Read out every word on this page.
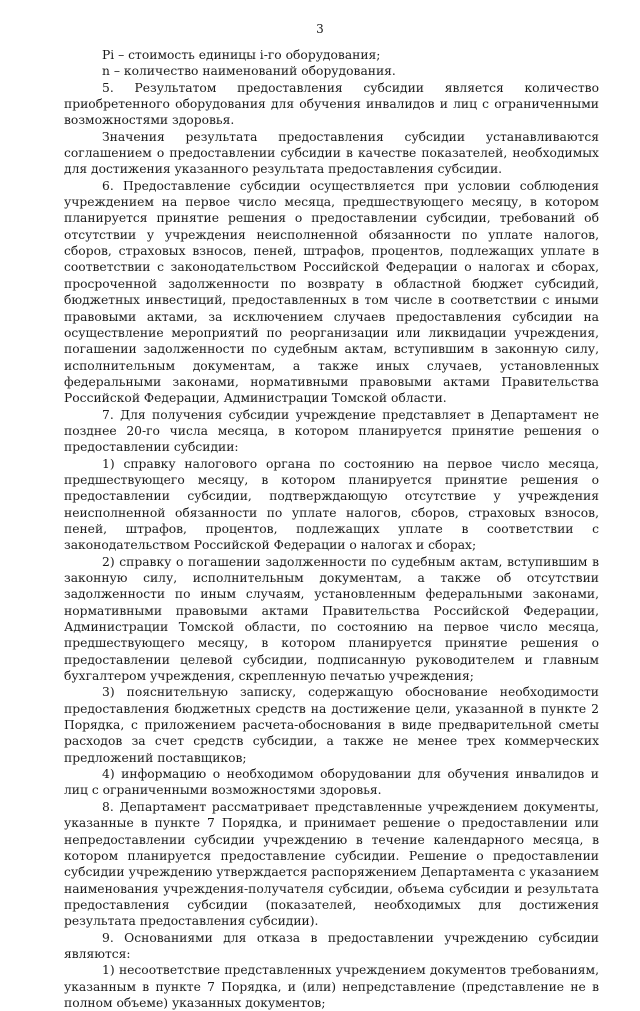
3

Pi – стоимость единицы i-го оборудования;

n – количество наименований оборудования.

5. Результатом предоставления субсидии является количество приобретенного оборудования для обучения инвалидов и лиц с ограниченными возможностями здоровья.

Значения результата предоставления субсидии устанавливаются соглашением о предоставлении субсидии в качестве показателей, необходимых для достижения указанного результата предоставления субсидии.

6. Предоставление субсидии осуществляется при условии соблюдения учреждением на первое число месяца, предшествующего месяцу, в котором планируется принятие решения о предоставлении субсидии, требований об отсутствии у учреждения неисполненной обязанности по уплате налогов, сборов, страховых взносов, пеней, штрафов, процентов, подлежащих уплате в соответствии с законодательством Российской Федерации о налогах и сборах, просроченной задолженности по возврату в областной бюджет субсидий, бюджетных инвестиций, предоставленных в том числе в соответствии с иными правовыми актами, за исключением случаев предоставления субсидии на осуществление мероприятий по реорганизации или ликвидации учреждения, погашении задолженности по судебным актам, вступившим в законную силу, исполнительным документам, а также иных случаев, установленных федеральными законами, нормативными правовыми актами Правительства Российской Федерации, Администрации Томской области.

7. Для получения субсидии учреждение представляет в Департамент не позднее 20-го числа месяца, в котором планируется принятие решения о предоставлении субсидии:

1) справку налогового органа по состоянию на первое число месяца, предшествующего месяцу, в котором планируется принятие решения о предоставлении субсидии, подтверждающую отсутствие у учреждения неисполненной обязанности по уплате налогов, сборов, страховых взносов, пеней, штрафов, процентов, подлежащих уплате в соответствии с законодательством Российской Федерации о налогах и сборах;

2) справку о погашении задолженности по судебным актам, вступившим в законную силу, исполнительным документам, а также об отсутствии задолженности по иным случаям, установленным федеральными законами, нормативными правовыми актами Правительства Российской Федерации, Администрации Томской области, по состоянию на первое число месяца, предшествующего месяцу, в котором планируется принятие решения о предоставлении целевой субсидии, подписанную руководителем и главным бухгалтером учреждения, скрепленную печатью учреждения;

3) пояснительную записку, содержащую обоснование необходимости предоставления бюджетных средств на достижение цели, указанной в пункте 2 Порядка, с приложением расчета-обоснования в виде предварительной сметы расходов за счет средств субсидии, а также не менее трех коммерческих предложений поставщиков;

4) информацию о необходимом оборудовании для обучения инвалидов и лиц с ограниченными возможностями здоровья.

8. Департамент рассматривает представленные учреждением документы, указанные в пункте 7 Порядка, и принимает решение о предоставлении или непредоставлении субсидии учреждению в течение календарного месяца, в котором планируется предоставление субсидии. Решение о предоставлении субсидии учреждению утверждается распоряжением Департамента с указанием наименования учреждения-получателя субсидии, объема субсидии и результата предоставления субсидии (показателей, необходимых для достижения результата предоставления субсидии).

9. Основаниями для отказа в предоставлении учреждению субсидии являются:

1) несоответствие представленных учреждением документов требованиям, указанным в пункте 7 Порядка, и (или) непредставление (представление не в полном объеме) указанных документов;
